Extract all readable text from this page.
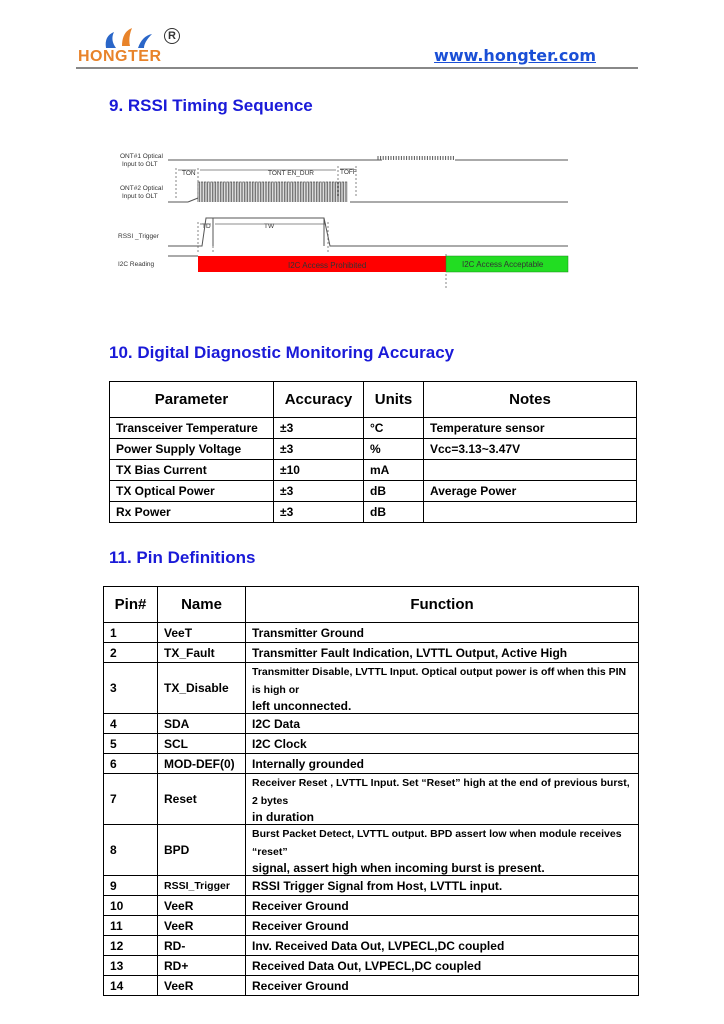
HONGTER
R
www.hongter.com
9. RSSI Timing Sequence
ONT#1 Optical
Input to OLT
ONT#2 Optical
Input to OLT
RSSI _Trigger
I2C Reading
TON	TONT EN_DUR	TOFF
TD	TW
I2C Access Prohibited	I2C Access Acceptable
10. Digital Diagnostic Monitoring Accuracy
Parameter	Accuracy	Units	Notes
Transceiver Temperature	±3	°C	Temperature sensor
Power Supply Voltage	±3	%	Vcc=3.13~3.47V
TX Bias Current	±10	mA	
TX Optical Power	±3	dB	Average Power
Rx Power	±3	dB	
11. Pin Definitions
Pin#	Name	Function
1	VeeT	Transmitter Ground
2	TX_Fault	Transmitter Fault Indication, LVTTL Output, Active High
3	TX_Disable	Transmitter Disable, LVTTL Input. Optical output power is off when this PIN is high or
left unconnected.

4	SDA	I2C Data
5	SCL	I2C Clock
6	MOD-DEF(0)	Internally grounded
7	Reset	Receiver Reset , LVTTL Input. Set “Reset” high at the end of previous burst, 2 bytes
in duration

8	BPD	Burst Packet Detect, LVTTL output. BPD assert low when module receives “reset”
signal, assert high when incoming burst is present.

9	RSSI_Trigger	RSSI Trigger Signal from Host, LVTTL input.
10	VeeR	Receiver Ground
11	VeeR	Receiver Ground
12	RD-	Inv. Received Data Out, LVPECL,DC coupled
13	RD+	Received Data Out, LVPECL,DC coupled
14	VeeR	Receiver Ground
